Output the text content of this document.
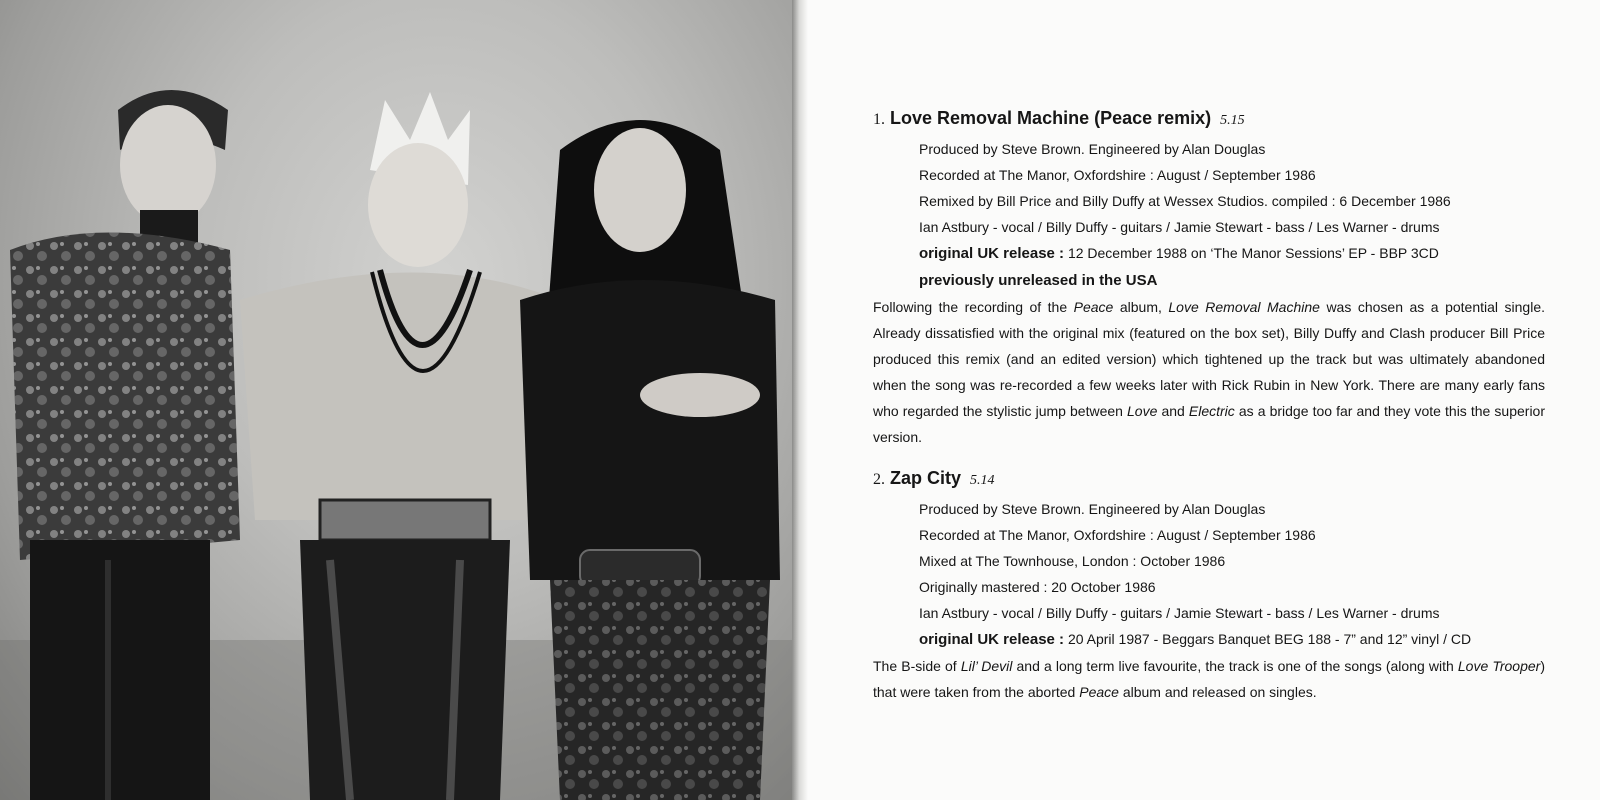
1. Love Removal Machine (Peace remix) 5.15
Produced by Steve Brown. Engineered by Alan Douglas
Recorded at The Manor, Oxfordshire : August / September 1986
Remixed by Bill Price and Billy Duffy at Wessex Studios. compiled : 6 December 1986
Ian Astbury - vocal / Billy Duffy - guitars / Jamie Stewart - bass / Les Warner - drums
original UK release : 12 December 1988 on ‘The Manor Sessions’ EP - BBP 3CD
previously unreleased in the USA
Following the recording of the Peace album, Love Removal Machine was chosen as a potential single. Already dissatisfied with the original mix (featured on the box set), Billy Duffy and Clash producer Bill Price produced this remix (and an edited version) which tightened up the track but was ultimately abandoned when the song was re-recorded a few weeks later with Rick Rubin in New York. There are many early fans who regarded the stylistic jump between Love and Electric as a bridge too far and they vote this the superior version.
2. Zap City 5.14
Produced by Steve Brown. Engineered by Alan Douglas
Recorded at The Manor, Oxfordshire : August / September 1986
Mixed at The Townhouse, London : October 1986
Originally mastered : 20 October 1986
Ian Astbury - vocal / Billy Duffy - guitars / Jamie Stewart - bass / Les Warner - drums
original UK release : 20 April 1987 - Beggars Banquet BEG 188 - 7” and 12” vinyl / CD
The B-side of Lil’ Devil and a long term live favourite, the track is one of the songs (along with Love Trooper) that were taken from the aborted Peace album and released on singles.
